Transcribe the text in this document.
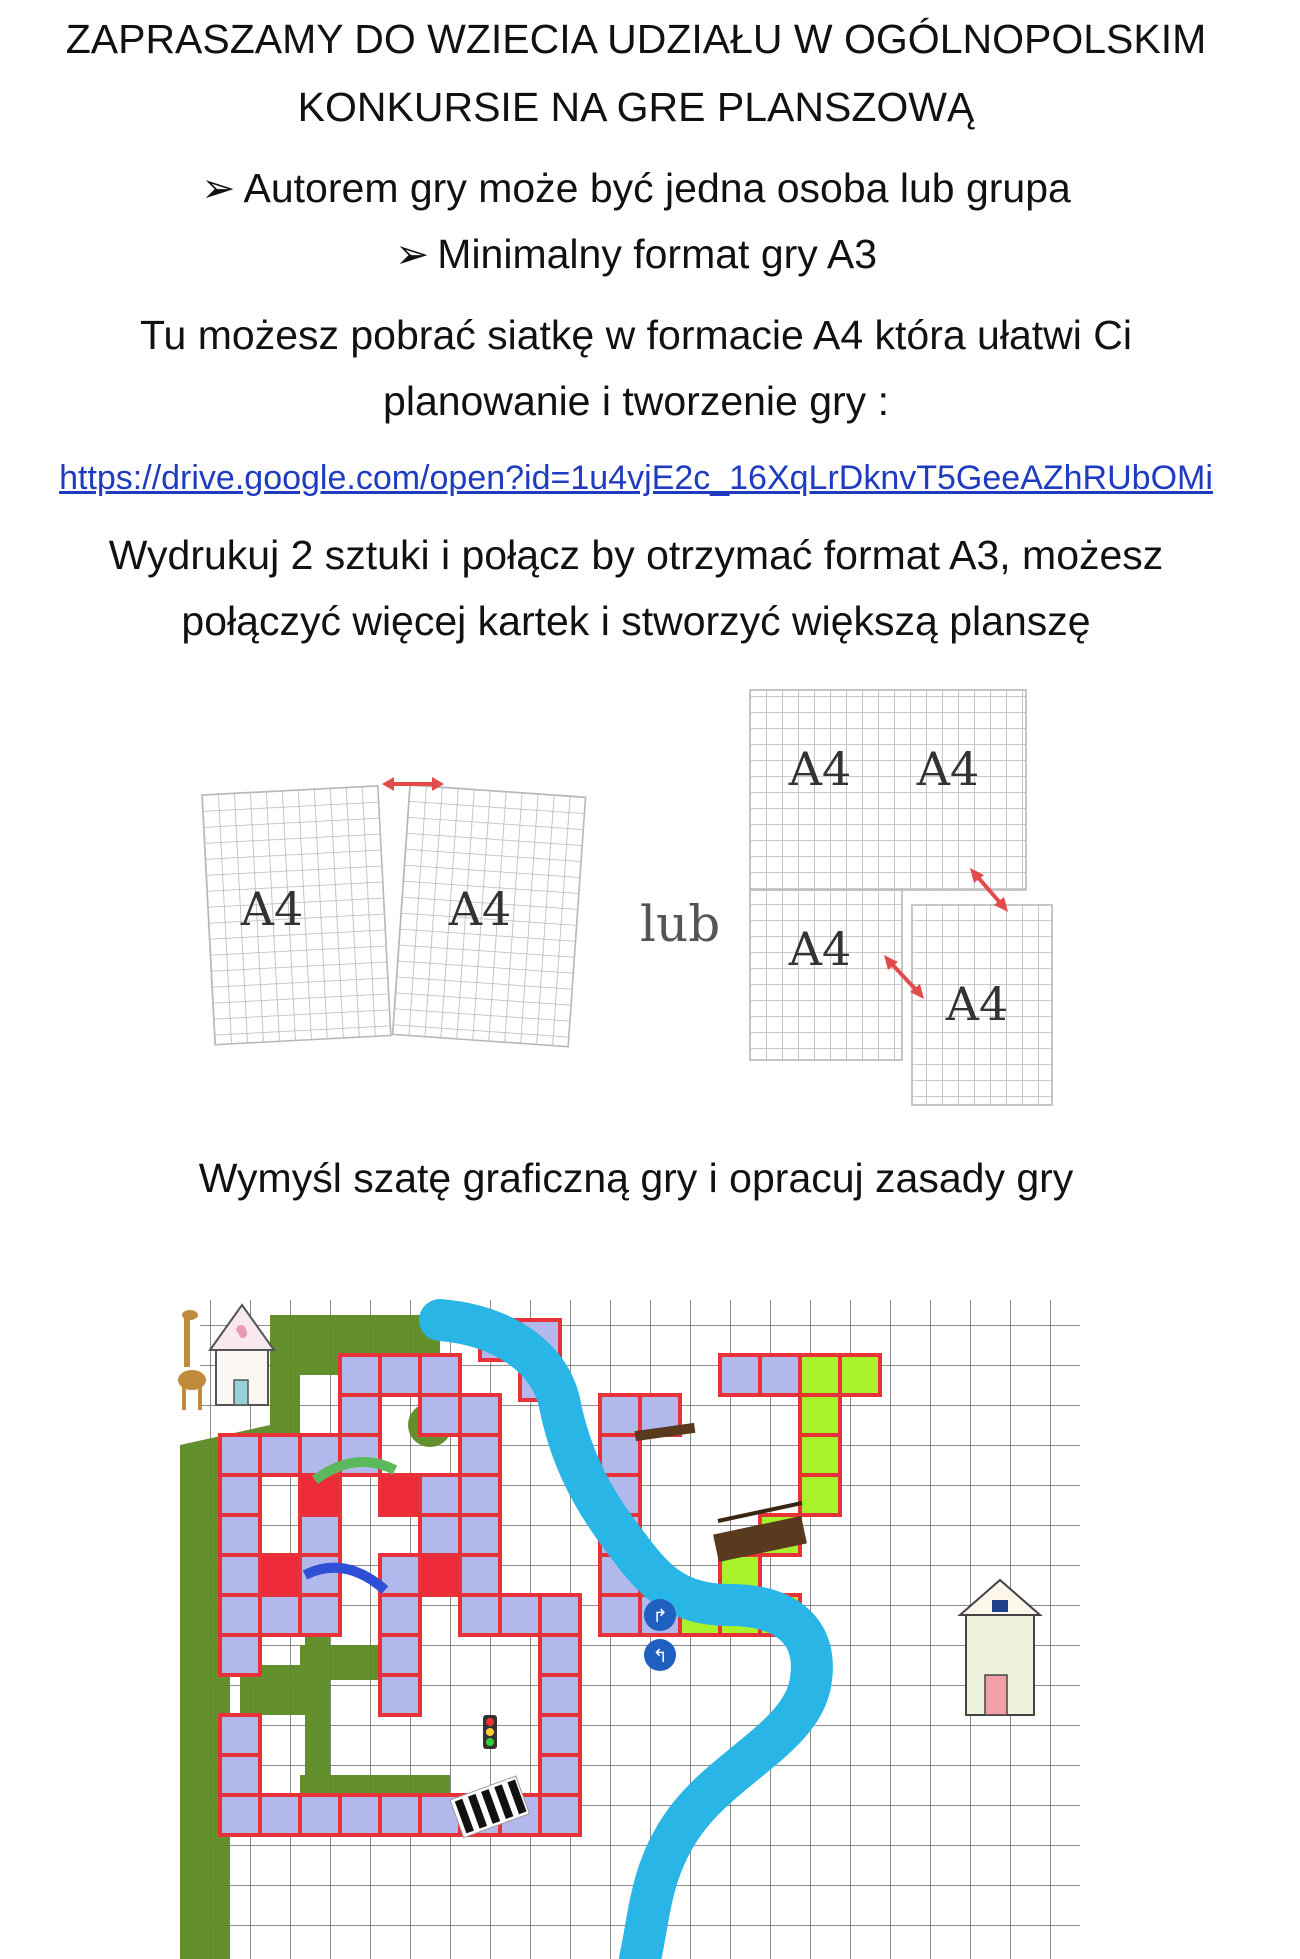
ZAPRASZAMY DO WZIECIA UDZIAŁU W OGÓLNOPOLSKIM
KONKURSIE NA GRE PLANSZOWĄ
➢ Autorem gry może być jedna osoba lub grupa
➢ Minimalny format gry A3
Tu możesz pobrać siatkę w formacie A4 która ułatwi Ci
planowanie i tworzenie gry :
https://drive.google.com/open?id=1u4vjE2c_16XqLrDknvT5GeeAZhRUbOMi
Wydrukuj 2 sztuki i połącz by otrzymać format A3, możesz
połączyć więcej kartek i stworzyć większą planszę
A4	A4
A4 A4
A4
A4
lub
Wymyśl szatę graficzną gry i opracuj zasady gry
↱
↰
